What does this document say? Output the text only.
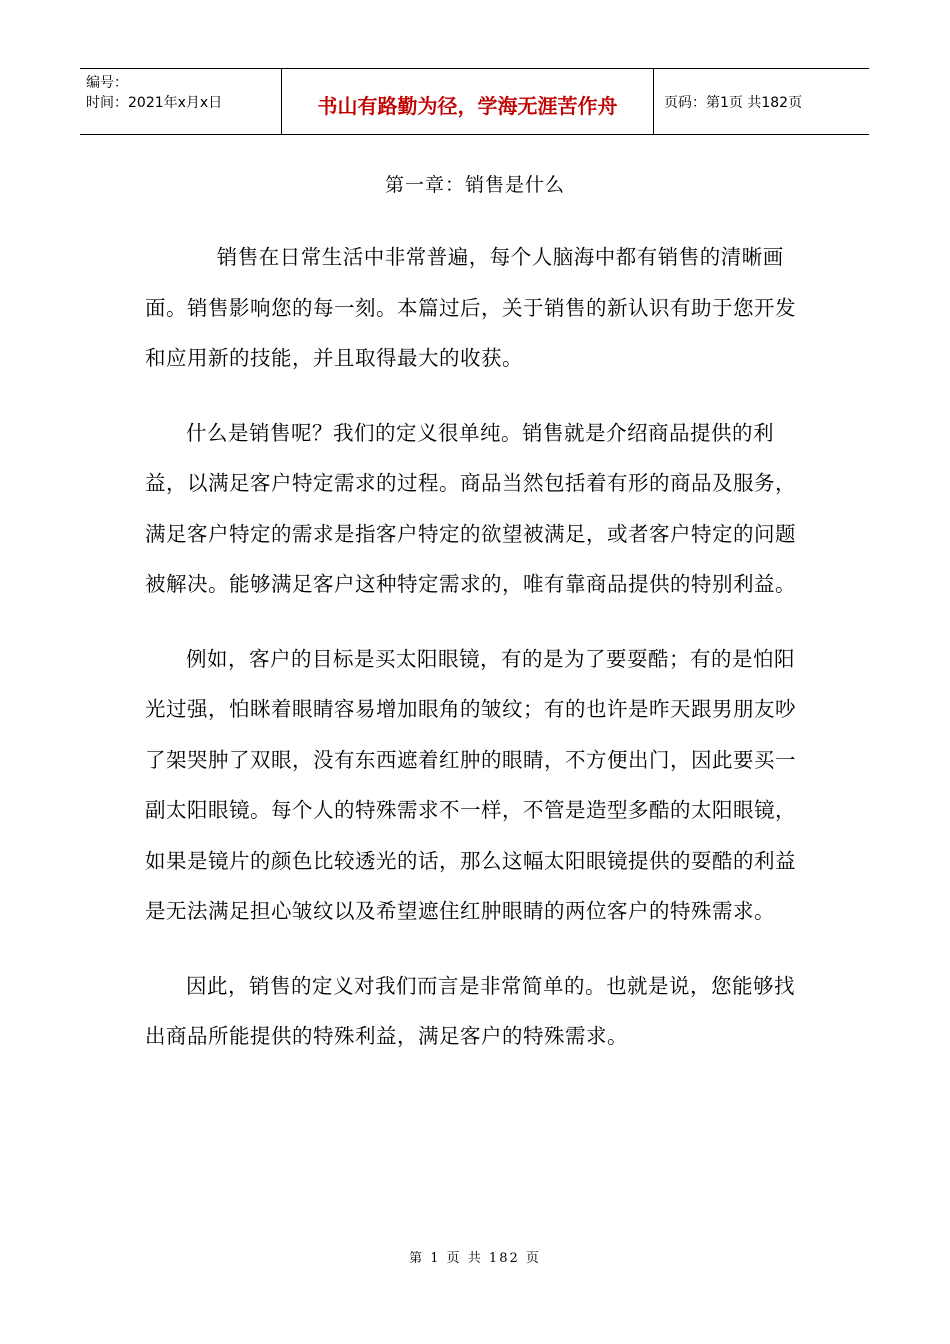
编号：
时间：2021年x月x日	书山有路勤为径，学海无涯苦作舟	页码：第1页 共182页
第一章：销售是什么

销售在日常生活中非常普遍，每个人脑海中都有销售的清晰画面。销售影响您的每一刻。本篇过后，关于销售的新认识有助于您开发和应用新的技能，并且取得最大的收获。

什么是销售呢？我们的定义很单纯。销售就是介绍商品提供的利益，以满足客户特定需求的过程。商品当然包括着有形的商品及服务，满足客户特定的需求是指客户特定的欲望被满足，或者客户特定的问题被解决。能够满足客户这种特定需求的，唯有靠商品提供的特别利益。

例如，客户的目标是买太阳眼镜，有的是为了要耍酷；有的是怕阳光过强，怕眯着眼睛容易增加眼角的皱纹；有的也许是昨天跟男朋友吵了架哭肿了双眼，没有东西遮着红肿的眼睛，不方便出门，因此要买一副太阳眼镜。每个人的特殊需求不一样，不管是造型多酷的太阳眼镜，如果是镜片的颜色比较透光的话，那么这幅太阳眼镜提供的耍酷的利益是无法满足担心皱纹以及希望遮住红肿眼睛的两位客户的特殊需求。

因此，销售的定义对我们而言是非常简单的。也就是说，您能够找出商品所能提供的特殊利益，满足客户的特殊需求。

第 1 页 共 182 页
